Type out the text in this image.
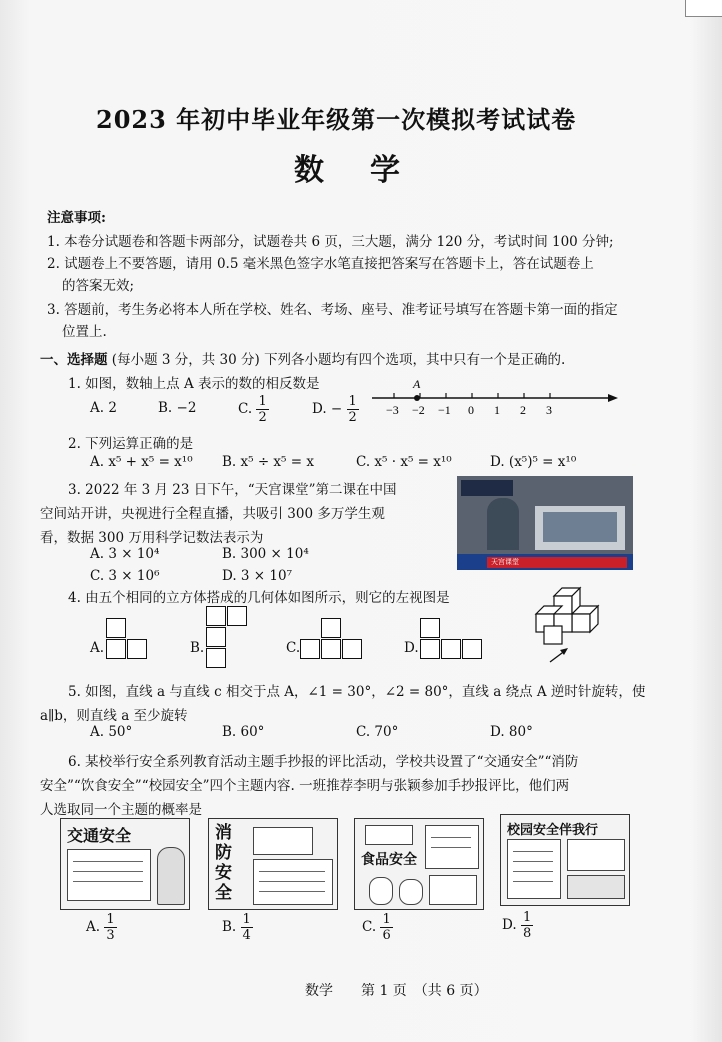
2023 年初中毕业年级第一次模拟考试试卷
数学
注意事项:
1. 本卷分试题卷和答题卡两部分，试题卷共 6 页，三大题，满分 120 分，考试时间 100 分钟;
2. 试题卷上不要答题，请用 0.5 毫米黑色签字水笔直接把答案写在答题卡上，答在试题卷上
的答案无效;
3. 答题前，考生务必将本人所在学校、姓名、考场、座号、准考证号填写在答题卡第一面的指定
位置上.
一、选择题 (每小题 3 分，共 30 分) 下列各小题均有四个选项，其中只有一个是正确的.
1. 如图，数轴上点 A 表示的数的相反数是
A. 2	B. −2	C. $\frac{1}{2}$	D. − $\frac{1}{2}$
A
−3 −2 −1 0 1 2 3
2. 下列运算正确的是
A. x⁵ + x⁵ = x¹⁰ B. x⁵ ÷ x⁵ = x	C. x⁵ · x⁵ = x¹⁰	D. (x⁵)⁵ = x¹⁰
3. 2022 年 3 月 23 日下午，“天宫课堂”第二课在中国
空间站开讲，央视进行全程直播，共吸引 300 多万学生观
看，数据 300 万用科学记数法表示为
A. 3 × 10⁴	B. 300 × 10⁴
C. 3 × 10⁶	D. 3 × 10⁷
天宫课堂
4. 由五个相同的立方体搭成的几何体如图所示，则它的左视图是
A.	B.	C.	D.
5. 如图，直线 a 与直线 c 相交于点 A，∠1 = 30°，∠2 = 80°，直线 a 绕点 A 逆时针旋转，使
a∥b，则直线 a 至少旋转
A. 50°	B. 60°	C. 70°	D. 80°
6. 某校举行安全系列教育活动主题手抄报的评比活动，学校共设置了“交通安全”“消防
安全”“饮食安全”“校园安全”四个主题内容. 一班推荐李明与张颖参加手抄报评比，他们两
人选取同一个主题的概率是
交通安全	消防安全
食品安全
校园安全伴我行
A. $\frac{1}{3}$	B. $\frac{1}{4}$	C. $\frac{1}{6}$	D. $\frac{1}{8}$
数学　　第 1 页　（共 6 页）
